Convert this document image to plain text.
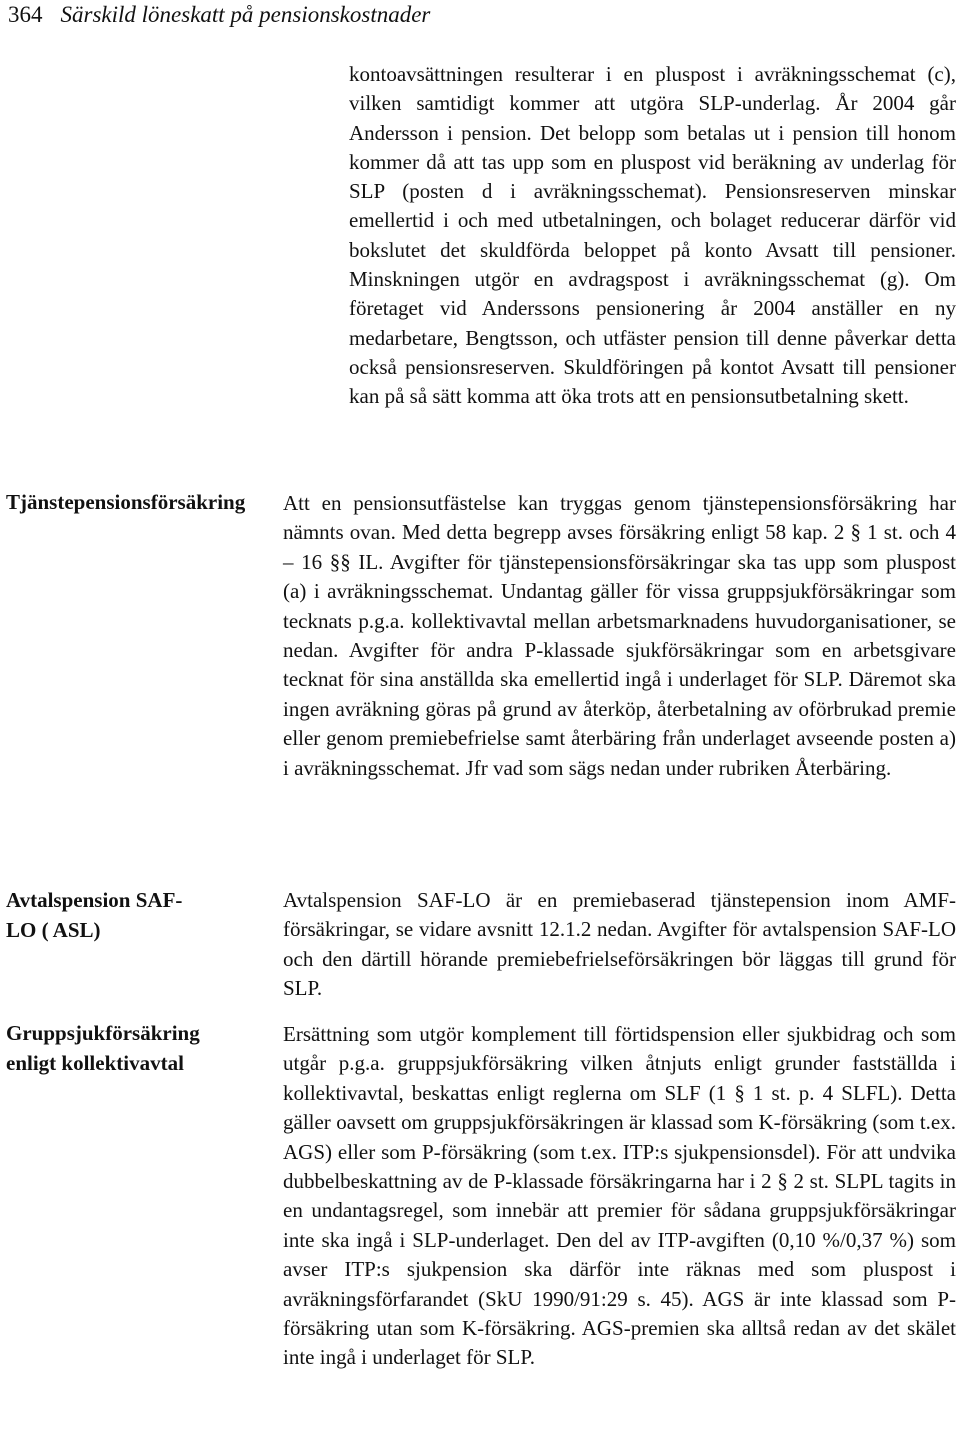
364 Särskild löneskatt på pensionskostnader

kontoavsättningen resulterar i en pluspost i avräkningsschemat (c), vilken samtidigt kommer att utgöra SLP-underlag. År 2004 går Andersson i pension. Det belopp som betalas ut i pension till honom kommer då att tas upp som en pluspost vid beräkning av underlag för SLP (posten d i avräkningsschemat). Pensionsreserven minskar emellertid i och med utbetalningen, och bolaget reducerar därför vid bokslutet det skuldförda beloppet på konto Avsatt till pensioner. Minskningen utgör en avdragspost i avräkningsschemat (g). Om företaget vid Anderssons pensionering år 2004 anställer en ny medarbetare, Bengtsson, och utfäster pension till denne påverkar detta också pensionsreserven. Skuldföringen på kontot Avsatt till pensioner kan på så sätt komma att öka trots att en pensionsutbetalning skett.

Tjänstepensionsförsäkring Att en pensionsutfästelse kan tryggas genom tjänstepensionsförsäkring har nämnts ovan. Med detta begrepp avses försäkring enligt 58 kap. 2 § 1 st. och 4 – 16 §§ IL. Avgifter för tjänstepensionsförsäkringar ska tas upp som pluspost (a) i avräkningsschemat. Undantag gäller för vissa gruppsjukförsäkringar som tecknats p.g.a. kollektivavtal mellan arbetsmarknadens huvudorganisationer, se nedan. Avgifter för andra P-klassade sjukförsäkringar som en arbetsgivare tecknat för sina anställda ska emellertid ingå i underlaget för SLP. Däremot ska ingen avräkning göras på grund av återköp, återbetalning av oförbrukad premie eller genom premiebefrielse samt återbäring från underlaget avseende posten a) i avräkningsschemat. Jfr vad som sägs nedan under rubriken Återbäring.

Avtalspension SAF-LO ( ASL)

Avtalspension SAF-LO är en premiebaserad tjänstepension inom AMF-försäkringar, se vidare avsnitt 12.1.2 nedan. Avgifter för avtalspension SAF-LO och den därtill hörande premiebefrielseförsäkringen bör läggas till grund för SLP.

Gruppsjukförsäkring enligt kollektivavtal

Ersättning som utgör komplement till förtidspension eller sjukbidrag och som utgår p.g.a. gruppsjukförsäkring vilken åtnjuts enligt grunder fastställda i kollektivavtal, beskattas enligt reglerna om SLF (1 § 1 st. p. 4 SLFL). Detta gäller oavsett om gruppsjukförsäkringen är klassad som K-försäkring (som t.ex. AGS) eller som P-försäkring (som t.ex. ITP:s sjukpensionsdel). För att undvika dubbelbeskattning av de P-klassade försäkringarna har i 2 § 2 st. SLPL tagits in en undantagsregel, som innebär att premier för sådana gruppsjukförsäkringar inte ska ingå i SLP-underlaget. Den del av ITP-avgiften (0,10 %/0,37 %) som avser ITP:s sjukpension ska därför inte räknas med som pluspost i avräkningsförfarandet (SkU 1990/91:29 s. 45). AGS är inte klassad som P-försäkring utan som K-försäkring. AGS-premien ska alltså redan av det skälet inte ingå i underlaget för SLP.
